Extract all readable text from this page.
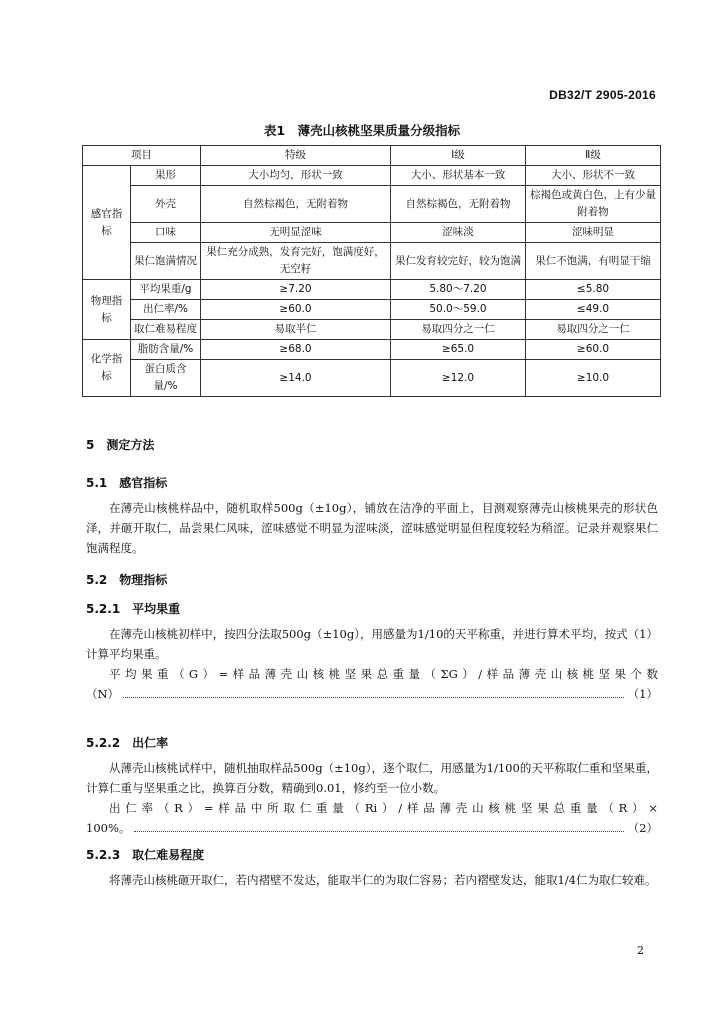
DB32/T 2905-2016
表1　薄壳山核桃坚果质量分级指标
项目		特级	Ⅰ级	Ⅱ级
感官指标	果形	大小均匀，形状一致	大小、形状基本一致	大小、形状不一致
	外壳	自然棕褐色，无附着物	自然棕褐色，无附着物	棕褐色或黄白色，上有少量附着物
	口味	无明显涩味	涩味淡	涩味明显
	果仁饱满情况	果仁充分成熟，发育完好，饱满度好，无空籽	果仁发育较完好，较为饱满	果仁不饱满，有明显干缩
物理指标	平均果重/g	≥7.20	5.80～7.20	≤5.80
	出仁率/%	≥60.0	50.0～59.0	≤49.0
	取仁难易程度	易取半仁	易取四分之一仁	易取四分之一仁
化学指标	脂肪含量/%	≥68.0	≥65.0	≥60.0
	蛋白质含量/%	≥14.0	≥12.0	≥10.0
5 测定方法
5.1 感官指标
在薄壳山核桃样品中，随机取样500g（±10g），铺放在洁净的平面上，目测观察薄壳山核桃果壳的形状色泽，并砸开取仁，品尝果仁风味，涩味感觉不明显为涩味淡，涩味感觉明显但程度较轻为稍涩。记录并观察果仁饱满程度。
5.2 物理指标
5.2.1 平均果重
在薄壳山核桃初样中，按四分法取500g（±10g），用感量为1/10的天平称重，并进行算术平均，按式（1）计算平均果重。
平均果重（G）=样品薄壳山核桃坚果总重量（ΣG）/样品薄壳山核桃坚果个数
（N）	（1）
5.2.2 出仁率
从薄壳山核桃试样中，随机抽取样品500g（±10g），逐个取仁，用感量为1/100的天平称取仁重和坚果重，计算仁重与坚果重之比，换算百分数，精确到0.01，修约至一位小数。
出仁率（R）=样品中所取仁重量（Ri）/样品薄壳山核桃坚果总重量（R）×
100%。	（2）
5.2.3 取仁难易程度
将薄壳山核桃砸开取仁，若内褶壁不发达，能取半仁的为取仁容易；若内褶壁发达，能取1/4仁为取仁较难。
2
